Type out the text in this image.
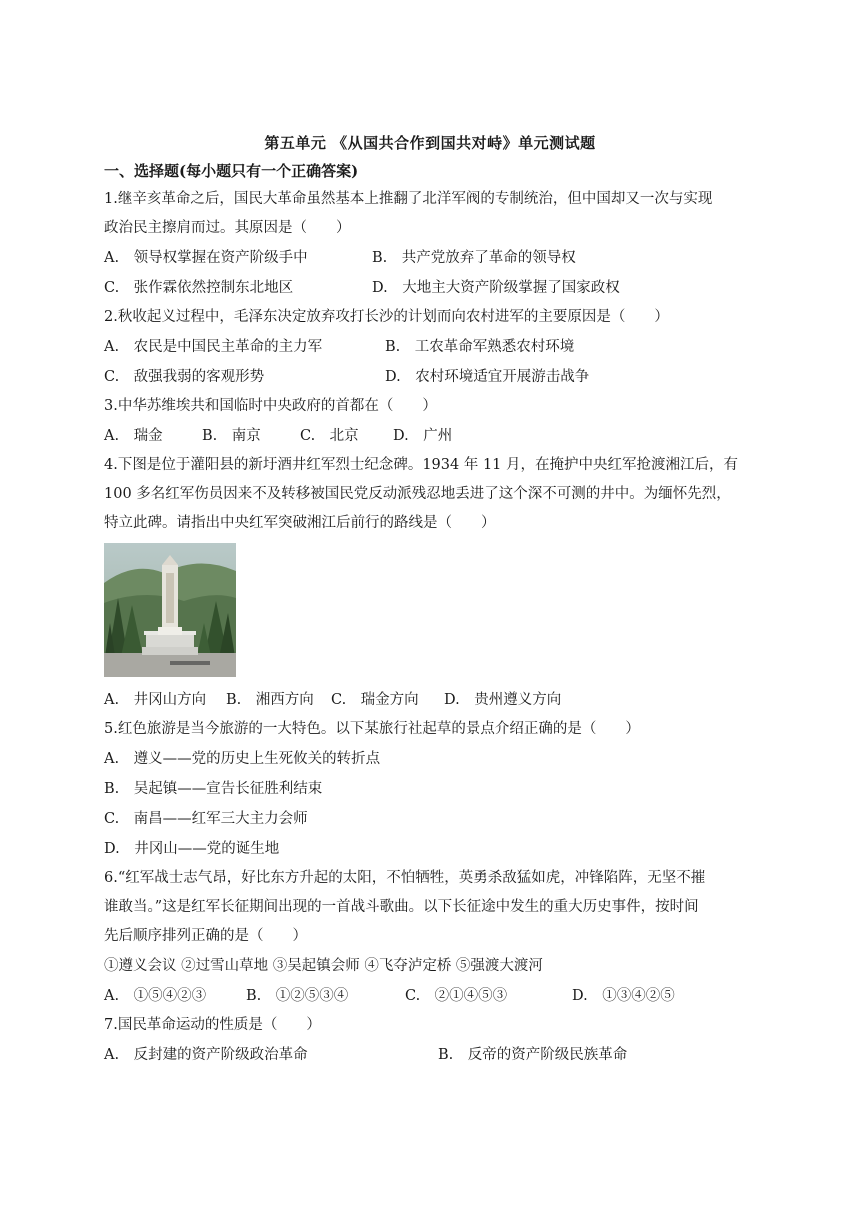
第五单元 《从国共合作到国共对峙》单元测试题
一、选择题(每小题只有一个正确答案)
1.继辛亥革命之后，国民大革命虽然基本上推翻了北洋军阀的专制统治，但中国却又一次与实现
政治民主擦肩而过。其原因是（　　）
A.　领导权掌握在资产阶级手中	B.　共产党放弃了革命的领导权
C.　张作霖依然控制东北地区	D.　大地主大资产阶级掌握了国家政权
2.秋收起义过程中，毛泽东决定放弃攻打长沙的计划而向农村进军的主要原因是（　　）
A.　农民是中国民主革命的主力军	B.　工农革命军熟悉农村环境
C.　敌强我弱的客观形势	D.　农村环境适宜开展游击战争
3.中华苏维埃共和国临时中央政府的首都在（　　）
A.　瑞金	B.　南京	C.　北京 D.　广州
4.下图是位于灌阳县的新圩酒井红军烈士纪念碑。1934 年 11 月，在掩护中央红军抢渡湘江后，有
100 多名红军伤员因来不及转移被国民党反动派残忍地丢进了这个深不可测的井中。为缅怀先烈，
特立此碑。请指出中央红军突破湘江后前行的路线是（　　）
A.　井冈山方向 B.　湘西方向 C.　瑞金方向 D.　贵州遵义方向
5.红色旅游是当今旅游的一大特色。以下某旅行社起草的景点介绍正确的是（　　）
A.　遵义——党的历史上生死攸关的转折点
B.　吴起镇——宣告长征胜利结束
C.　南昌——红军三大主力会师
D.　井冈山——党的诞生地
6.“红军战士志气昂，好比东方升起的太阳，不怕牺牲，英勇杀敌猛如虎，冲锋陷阵，无坚不摧
谁敢当。”这是红军长征期间出现的一首战斗歌曲。以下长征途中发生的重大历史事件，按时间
先后顺序排列正确的是（　　）
①遵义会议 ②过雪山草地 ③吴起镇会师 ④飞夺泸定桥 ⑤强渡大渡河
A.　①⑤④②③	B.　①②⑤③④	C.　②①④⑤③	D.　①③④②⑤
7.国民革命运动的性质是（　　）
A.　反封建的资产阶级政治革命	B.　反帝的资产阶级民族革命
